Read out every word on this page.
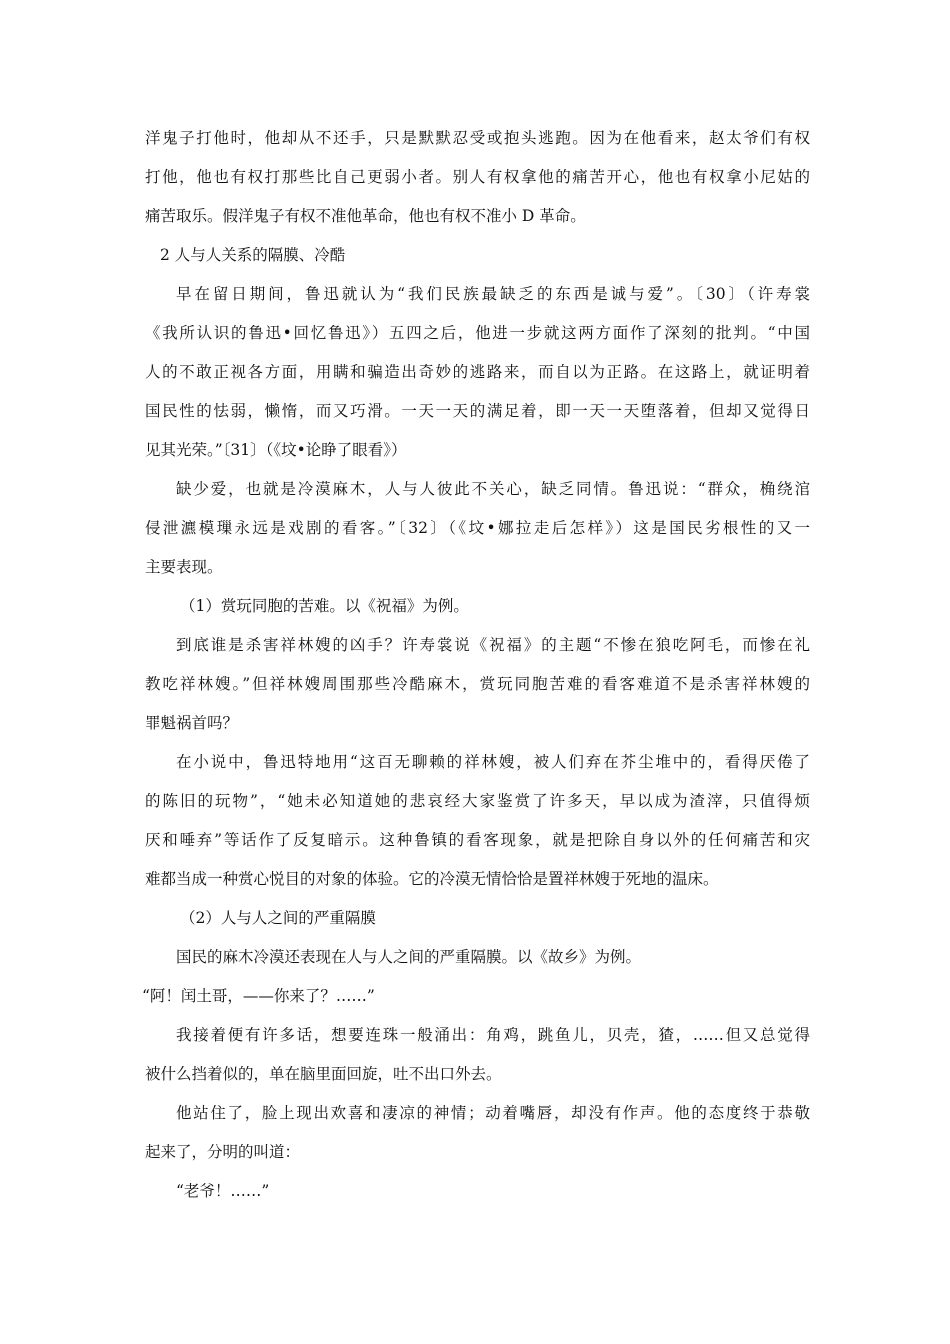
洋鬼子打他时，他却从不还手，只是默默忍受或抱头逃跑。因为在他看来，赵太爷们有权
打他，他也有权打那些比自己更弱小者。别人有权拿他的痛苦开心，他也有权拿小尼姑的
痛苦取乐。假洋鬼子有权不准他革命，他也有权不准小 D 革命。
2 人与人关系的隔膜、冷酷
早在留日期间，鲁迅就认为“我们民族最缺乏的东西是诚与爱”。〔30〕（许寿裳
《我所认识的鲁迅•回忆鲁迅》）五四之后，他进一步就这两方面作了深刻的批判。“中国
人的不敢正视各方面，用瞒和骗造出奇妙的逃路来，而自以为正路。在这路上，就证明着
国民性的怯弱，懒惰，而又巧滑。一天一天的满足着，即一天一天堕落着，但却又觉得日
见其光荣。”〔31〕（《坟•论睁了眼看》）
缺少爱，也就是冷漠麻木，人与人彼此不关心，缺乏同情。鲁迅说：“群众，桷绕涫
侵泄瀌模璅永远是戏剧的看客。”〔32〕（《坟•娜拉走后怎样》）这是国民劣根性的又一
主要表现。
（1）赏玩同胞的苦难。以《祝福》为例。
到底谁是杀害祥林嫂的凶手？许寿裳说《祝福》的主题“不惨在狼吃阿毛，而惨在礼
教吃祥林嫂。”但祥林嫂周围那些冷酷麻木，赏玩同胞苦难的看客难道不是杀害祥林嫂的
罪魁祸首吗？
在小说中，鲁迅特地用“这百无聊赖的祥林嫂，被人们弃在芥尘堆中的，看得厌倦了
的陈旧的玩物”，“她未必知道她的悲哀经大家鉴赏了许多天，早以成为渣滓，只值得烦
厌和唾弃”等话作了反复暗示。这种鲁镇的看客现象，就是把除自身以外的任何痛苦和灾
难都当成一种赏心悦目的对象的体验。它的冷漠无情恰恰是置祥林嫂于死地的温床。
（2）人与人之间的严重隔膜
国民的麻木冷漠还表现在人与人之间的严重隔膜。以《故乡》为例。
“阿！闰土哥，——你来了？……”
我接着便有许多话，想要连珠一般涌出：角鸡，跳鱼儿，贝壳，猹，……但又总觉得
被什么挡着似的，单在脑里面回旋，吐不出口外去。
他站住了，脸上现出欢喜和凄凉的神情；动着嘴唇，却没有作声。他的态度终于恭敬
起来了，分明的叫道：
“老爷！……”
